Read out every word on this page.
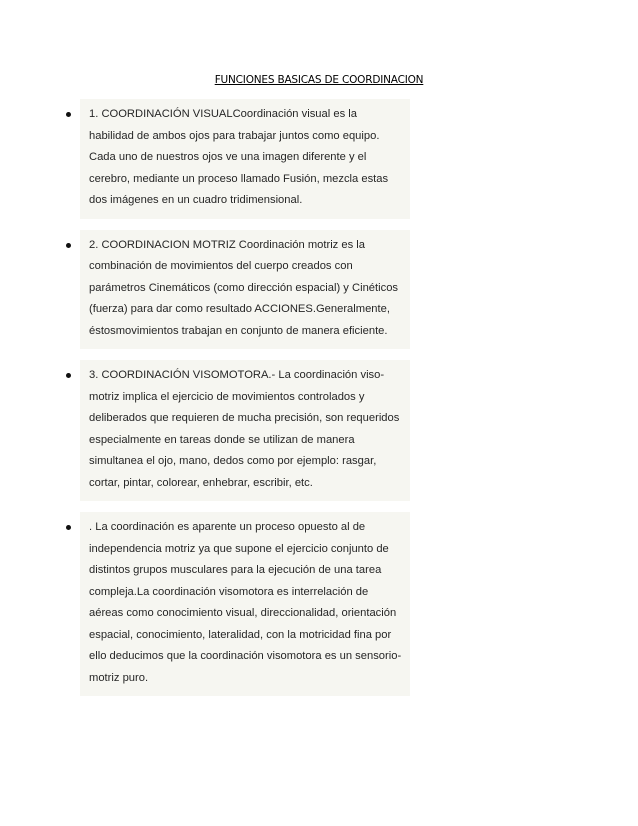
FUNCIONES BASICAS DE COORDINACION
1. COORDINACIÓN VISUALCoordinación visual es la habilidad de ambos ojos para trabajar juntos como equipo. Cada uno de nuestros ojos ve una imagen diferente y el cerebro, mediante un proceso llamado Fusión, mezcla estas dos imágenes en un cuadro tridimensional.
2. COORDINACION MOTRIZ Coordinación motriz es la combinación de movimientos del cuerpo creados con parámetros Cinemáticos (como dirección espacial) y Cinéticos (fuerza) para dar como resultado ACCIONES.Generalmente, éstosmovimientos trabajan en conjunto de manera eficiente.
3. COORDINACIÓN VISOMOTORA.- La coordinación viso-motriz implica el ejercicio de movimientos controlados y deliberados que requieren de mucha precisión, son requeridos especialmente en tareas donde se utilizan de manera simultanea el ojo, mano, dedos como por ejemplo: rasgar, cortar, pintar, colorear, enhebrar, escribir, etc.
. La coordinación es aparente un proceso opuesto al de independencia motriz ya que supone el ejercicio conjunto de distintos grupos musculares para la ejecución de una tarea compleja.La coordinación visomotora es interrelación de aéreas como conocimiento visual, direccionalidad, orientación espacial, conocimiento, lateralidad, con la motricidad fina por ello deducimos que la coordinación visomotora es un sensorio-motriz puro.
